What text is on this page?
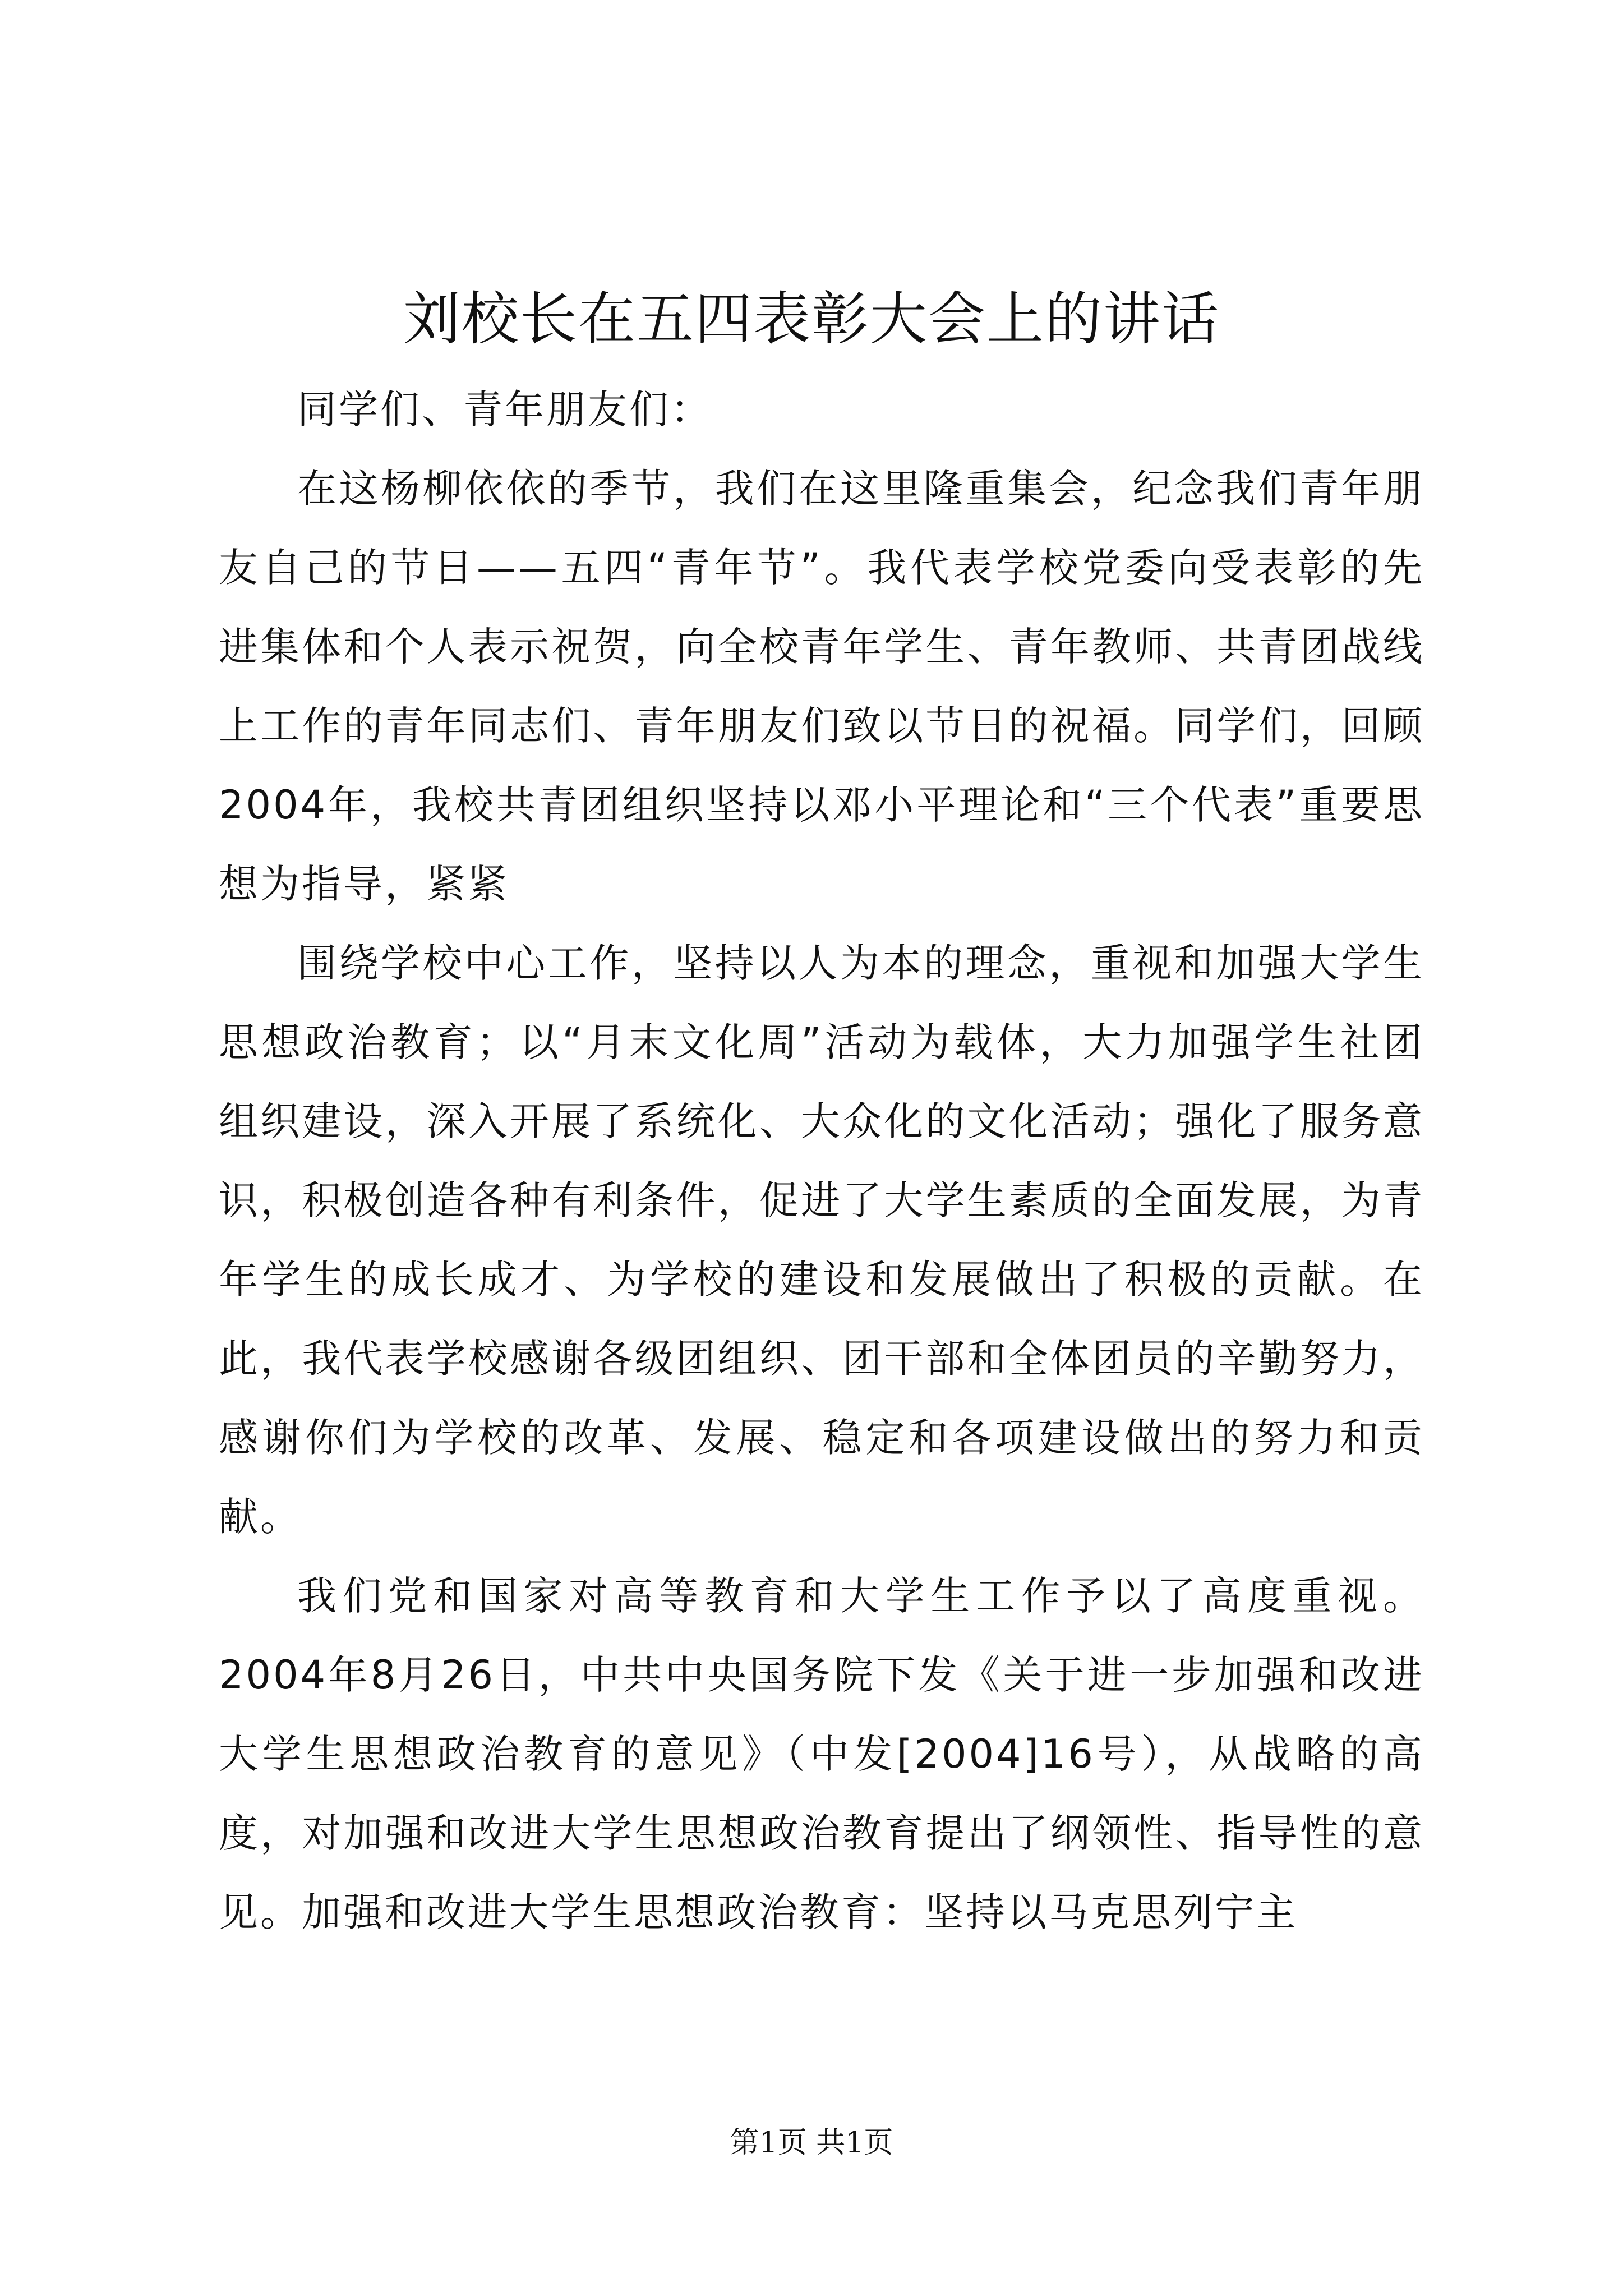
刘校长在五四表彰大会上的讲话

同学们、青年朋友们：

在这杨柳依依的季节，我们在这里隆重集会，纪念我们青年朋友自己的节日——五四“青年节”。我代表学校党委向受表彰的先进集体和个人表示祝贺，向全校青年学生、青年教师、共青团战线上工作的青年同志们、青年朋友们致以节日的祝福。同学们，回顾2004年，我校共青团组织坚持以邓小平理论和“三个代表”重要思想为指导，紧紧

围绕学校中心工作，坚持以人为本的理念，重视和加强大学生思想政治教育；以“月末文化周”活动为载体，大力加强学生社团组织建设，深入开展了系统化、大众化的文化活动；强化了服务意识，积极创造各种有利条件，促进了大学生素质的全面发展，为青年学生的成长成才、为学校的建设和发展做出了积极的贡献。在此，我代表学校感谢各级团组织、团干部和全体团员的辛勤努力，感谢你们为学校的改革、发展、稳定和各项建设做出的努力和贡献。

我们党和国家对高等教育和大学生工作予以了高度重视。2004年8月26日，中共中央国务院下发《关于进一步加强和改进大学生思想政治教育的意见》（中发[2004]16号），从战略的高度，对加强和改进大学生思想政治教育提出了纲领性、指导性的意见。加强和改进大学生思想政治教育：坚持以马克思列宁主

第1页 共1页
